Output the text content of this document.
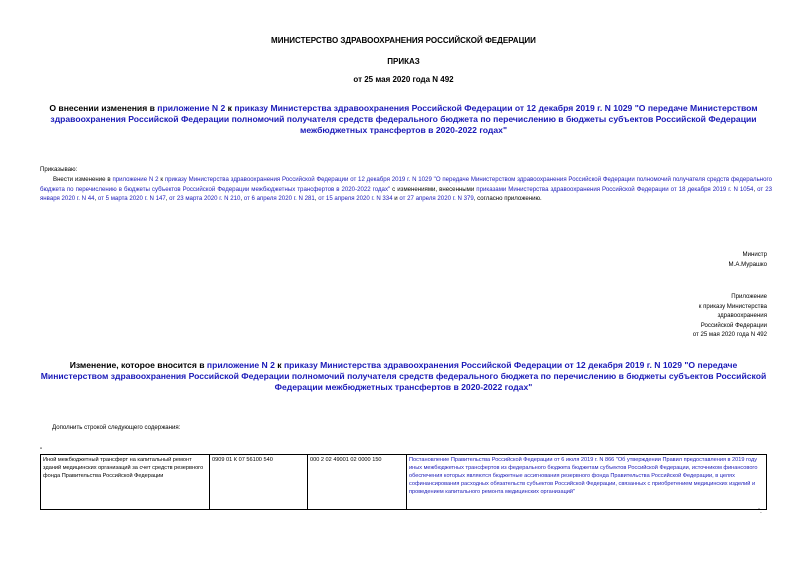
МИНИСТЕРСТВО ЗДРАВООХРАНЕНИЯ РОССИЙСКОЙ ФЕДЕРАЦИИ
ПРИКАЗ
от 25 мая 2020 года N 492
О внесении изменения в приложение N 2 к приказу Министерства здравоохранения Российской Федерации от 12 декабря 2019 г. N 1029 "О передаче Министерством здравоохранения Российской Федерации полномочий получателя средств федерального бюджета по перечислению в бюджеты субъектов Российской Федерации межбюджетных трансфертов в 2020-2022 годах"
Приказываю:
Внести изменение в приложение N 2 к приказу Министерства здравоохранения Российской Федерации от 12 декабря 2019 г. N 1029 "О передаче Министерством здравоохранения Российской Федерации полномочий получателя средств федерального бюджета по перечислению в бюджеты субъектов Российской Федерации межбюджетных трансфертов в 2020-2022 годах" с изменениями, внесенными приказами Министерства здравоохранения Российской Федерации от 18 декабря 2019 г. N 1054, от 23 января 2020 г. N 44, от 5 марта 2020 г. N 147, от 23 марта 2020 г. N 210, от 6 апреля 2020 г. N 281, от 15 апреля 2020 г. N 334 и от 27 апреля 2020 г. N 379, согласно приложению.
Министр
М.А.Мурашко
Приложение
к приказу Министерства
здравоохранения
Российской Федерации
от 25 мая 2020 года N 492
Изменение, которое вносится в приложение N 2 к приказу Министерства здравоохранения Российской Федерации от 12 декабря 2019 г. N 1029 "О передаче Министерством здравоохранения Российской Федерации полномочий получателя средств федерального бюджета по перечислению в бюджеты субъектов Российской Федерации межбюджетных трансфертов в 2020-2022 годах"
Дополнить строкой следующего содержания:
"
Иной межбюджетный трансферт на капитальный ремонт зданий медицинских организаций за счет средств резервного фонда Правительства Российской Федерации	0909 01 К 07 56100 540	000 2 02 49001 02 0000 150	Постановление Правительства Российской Федерации от 6 июля 2019 г. N 866 "Об утверждении Правил предоставления в 2019 году иных межбюджетных трансфертов из федерального бюджета бюджетам субъектов Российской Федерации, источником финансового обеспечения которых являются бюджетные ассигнования резервного фонда Правительства Российской Федерации, в целях софинансирования расходных обязательств субъектов Российской Федерации, связанных с приобретением медицинских изделий и проведением капитального ремонта медицинских организаций"
".
